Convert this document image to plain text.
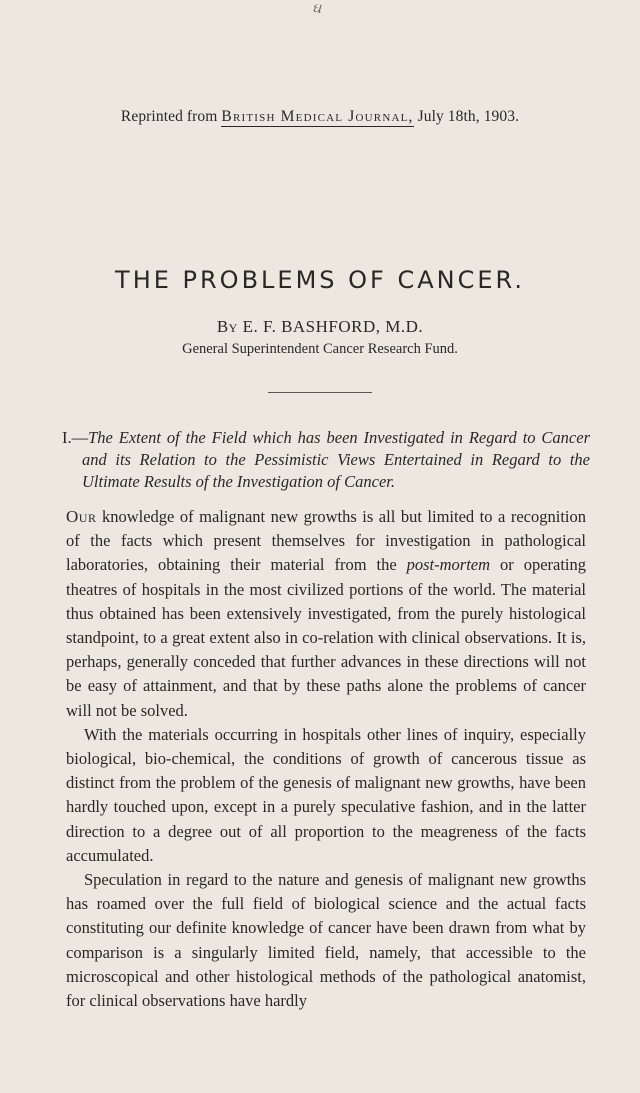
ઘ
Reprinted from British Medical Journal, July 18th, 1903.
THE PROBLEMS OF CANCER.
By E. F. BASHFORD, M.D.
General Superintendent Cancer Research Fund.

I.—The Extent of the Field which has been Investigated in Regard to Cancer and its Relation to the Pessimistic Views Entertained in Regard to the Ultimate Results of the Investigation of Cancer.

Our knowledge of malignant new growths is all but limited to a recognition of the facts which present themselves for investigation in pathological laboratories, obtaining their material from the post-mortem or operating theatres of hospitals in the most civilized portions of the world. The material thus obtained has been extensively investigated, from the purely histological standpoint, to a great extent also in co-relation with clinical observations. It is, perhaps, generally conceded that further advances in these directions will not be easy of attainment, and that by these paths alone the problems of cancer will not be solved.

With the materials occurring in hospitals other lines of inquiry, especially biological, bio-chemical, the conditions of growth of cancerous tissue as distinct from the problem of the genesis of malignant new growths, have been hardly touched upon, except in a purely speculative fashion, and in the latter direction to a degree out of all proportion to the meagreness of the facts accumulated.

Speculation in regard to the nature and genesis of malignant new growths has roamed over the full field of biological science and the actual facts constituting our definite knowledge of cancer have been drawn from what by comparison is a singularly limited field, namely, that accessible to the microscopical and other histological methods of the pathological anatomist, for clinical observations have hardly
